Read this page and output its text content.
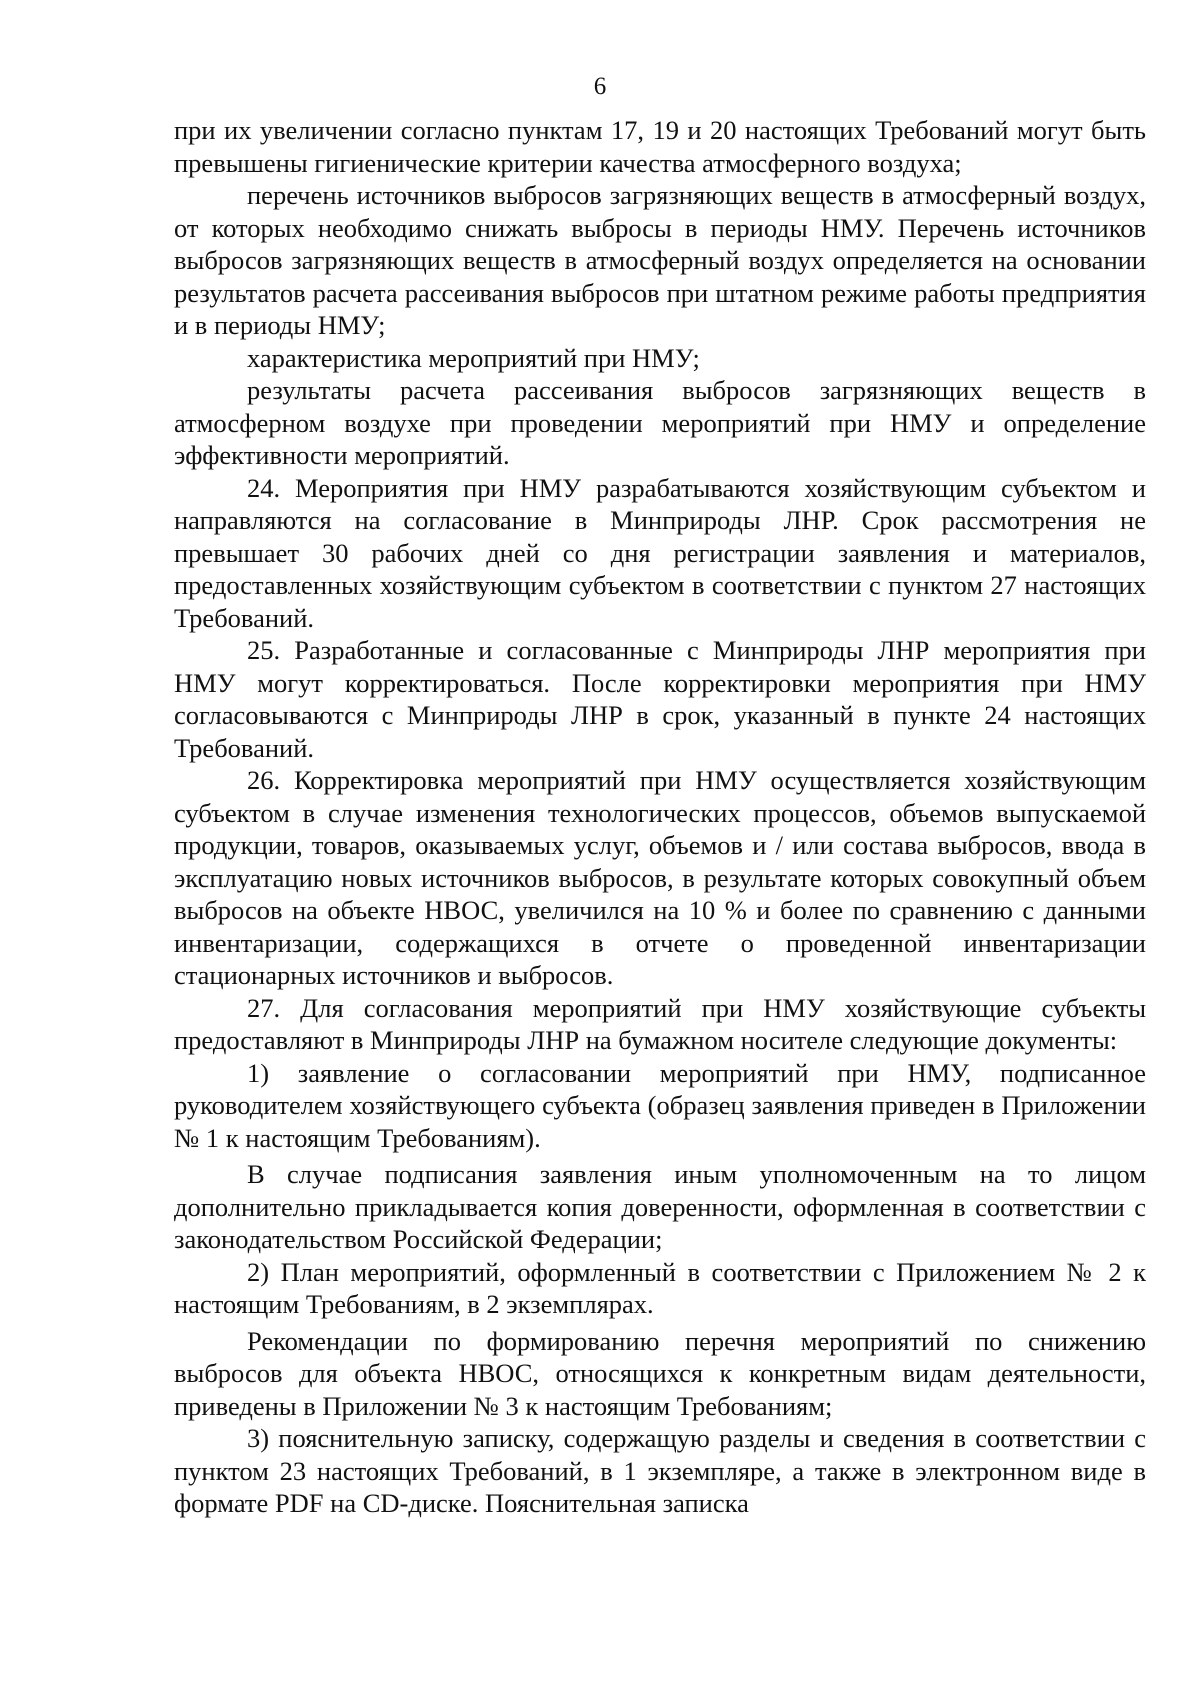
6

при их увеличении согласно пунктам 17, 19 и 20 настоящих Требований могут быть превышены гигиенические критерии качества атмосферного воздуха;

перечень источников выбросов загрязняющих веществ в атмосферный воздух, от которых необходимо снижать выбросы в периоды НМУ. Перечень источников выбросов загрязняющих веществ в атмосферный воздух определяется на основании результатов расчета рассеивания выбросов при штатном режиме работы предприятия и в периоды НМУ;

характеристика мероприятий при НМУ;

результаты расчета рассеивания выбросов загрязняющих веществ в атмосферном воздухе при проведении мероприятий при НМУ и определение эффективности мероприятий.

24. Мероприятия при НМУ разрабатываются хозяйствующим субъектом и направляются на согласование в Минприроды ЛНР. Срок рассмотрения не превышает 30 рабочих дней со дня регистрации заявления и материалов, предоставленных хозяйствующим субъектом в соответствии с пунктом 27 настоящих Требований.

25. Разработанные и согласованные с Минприроды ЛНР мероприятия при НМУ могут корректироваться. После корректировки мероприятия при НМУ согласовываются с Минприроды ЛНР в срок, указанный в пункте 24 настоящих Требований.

26. Корректировка мероприятий при НМУ осуществляется хозяйствующим субъектом в случае изменения технологических процессов, объемов выпускаемой продукции, товаров, оказываемых услуг, объемов и / или состава выбросов, ввода в эксплуатацию новых источников выбросов, в результате которых совокупный объем выбросов на объекте НВОС, увеличился на 10 % и более по сравнению с данными инвентаризации, содержащихся в отчете о проведенной инвентаризации стационарных источников и выбросов.

27. Для согласования мероприятий при НМУ хозяйствующие субъекты предоставляют в Минприроды ЛНР на бумажном носителе следующие документы:

1) заявление о согласовании мероприятий при НМУ, подписанное руководителем хозяйствующего субъекта (образец заявления приведен в Приложении № 1 к настоящим Требованиям).

В случае подписания заявления иным уполномоченным на то лицом дополнительно прикладывается копия доверенности, оформленная в соответствии с законодательством Российской Федерации;

2) План мероприятий, оформленный в соответствии с Приложением № 2 к настоящим Требованиям, в 2 экземплярах.

Рекомендации по формированию перечня мероприятий по снижению выбросов для объекта НВОС, относящихся к конкретным видам деятельности, приведены в Приложении № 3 к настоящим Требованиям;

3) пояснительную записку, содержащую разделы и сведения в соответствии с пунктом 23 настоящих Требований, в 1 экземпляре, а также в электронном виде в формате PDF на CD-диске. Пояснительная записка
